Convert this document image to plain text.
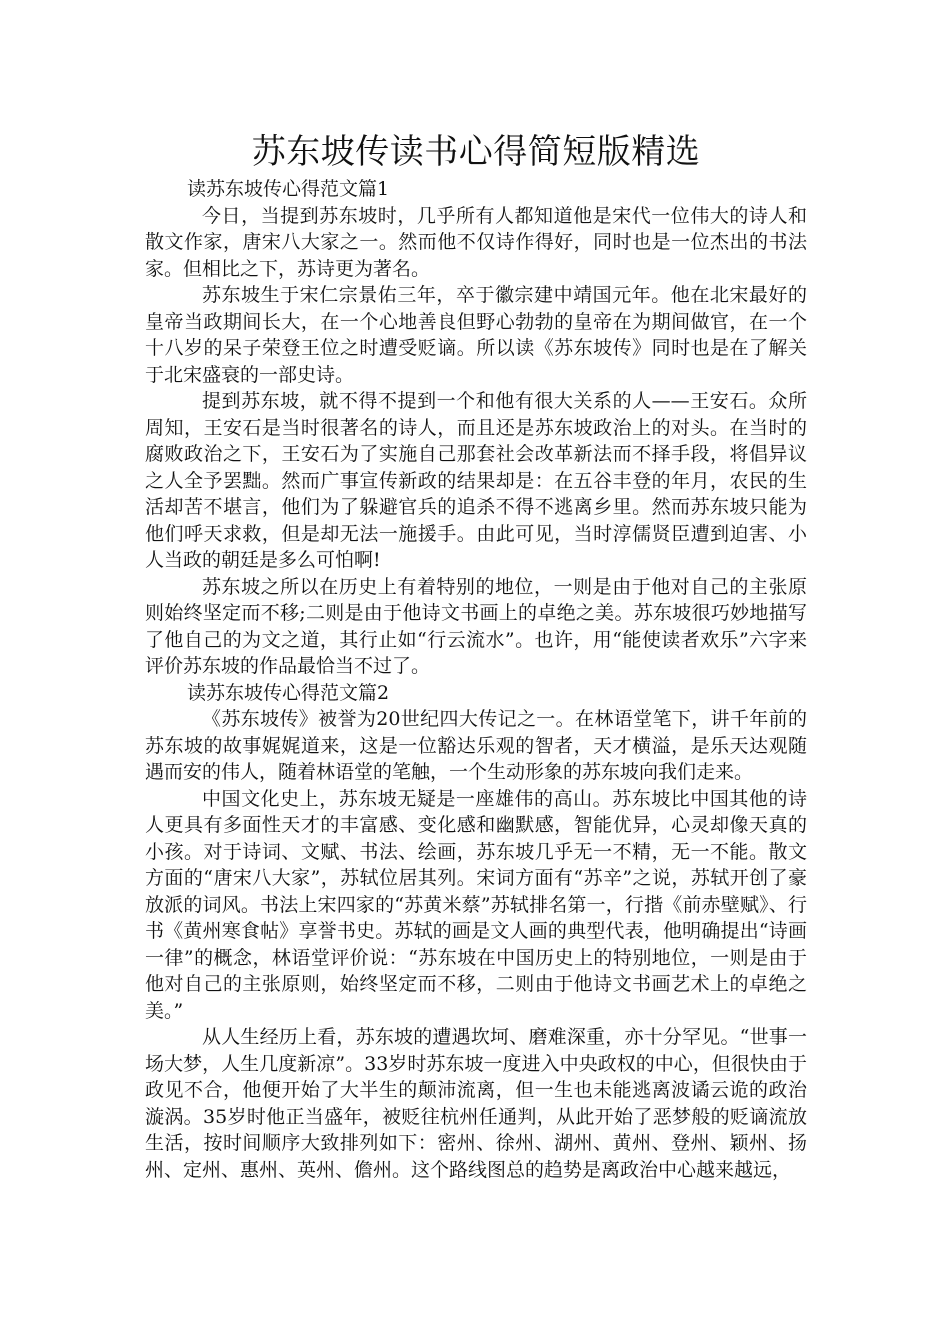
苏东坡传读书心得简短版精选

读苏东坡传心得范文篇1

今日，当提到苏东坡时，几乎所有人都知道他是宋代一位伟大的诗人和散文作家，唐宋八大家之一。然而他不仅诗作得好，同时也是一位杰出的书法家。但相比之下，苏诗更为著名。

苏东坡生于宋仁宗景佑三年，卒于徽宗建中靖国元年。他在北宋最好的皇帝当政期间长大，在一个心地善良但野心勃勃的皇帝在为期间做官，在一个十八岁的呆子荣登王位之时遭受贬谪。所以读《苏东坡传》同时也是在了解关于北宋盛衰的一部史诗。

提到苏东坡，就不得不提到一个和他有很大关系的人——王安石。众所周知，王安石是当时很著名的诗人，而且还是苏东坡政治上的对头。在当时的腐败政治之下，王安石为了实施自己那套社会改革新法而不择手段，将倡异议之人全予罢黜。然而广事宣传新政的结果却是：在五谷丰登的年月，农民的生活却苦不堪言，他们为了躲避官兵的追杀不得不逃离乡里。然而苏东坡只能为他们呼天求救，但是却无法一施援手。由此可见，当时淳儒贤臣遭到迫害、小人当政的朝廷是多么可怕啊!

苏东坡之所以在历史上有着特别的地位，一则是由于他对自己的主张原则始终坚定而不移;二则是由于他诗文书画上的卓绝之美。苏东坡很巧妙地描写了他自己的为文之道，其行止如“行云流水”。也许，用“能使读者欢乐”六字来评价苏东坡的作品最恰当不过了。

读苏东坡传心得范文篇2

《苏东坡传》被誉为20世纪四大传记之一。在林语堂笔下，讲千年前的苏东坡的故事娓娓道来，这是一位豁达乐观的智者，天才横溢，是乐天达观随遇而安的伟人，随着林语堂的笔触，一个生动形象的苏东坡向我们走来。

中国文化史上，苏东坡无疑是一座雄伟的高山。苏东坡比中国其他的诗人更具有多面性天才的丰富感、变化感和幽默感，智能优异，心灵却像天真的小孩。对于诗词、文赋、书法、绘画，苏东坡几乎无一不精，无一不能。散文方面的“唐宋八大家”，苏轼位居其列。宋词方面有“苏辛”之说，苏轼开创了豪放派的词风。书法上宋四家的“苏黄米蔡”苏轼排名第一，行揩《前赤壁赋》、行书《黄州寒食帖》享誉书史。苏轼的画是文人画的典型代表，他明确提出“诗画一律”的概念，林语堂评价说：“苏东坡在中国历史上的特别地位，一则是由于他对自己的主张原则，始终坚定而不移，二则由于他诗文书画艺术上的卓绝之美。”

从人生经历上看，苏东坡的遭遇坎坷、磨难深重，亦十分罕见。“世事一场大梦，人生几度新凉”。33岁时苏东坡一度进入中央政权的中心，但很快由于政见不合，他便开始了大半生的颠沛流离，但一生也未能逃离波谲云诡的政治漩涡。35岁时他正当盛年，被贬往杭州任通判，从此开始了恶梦般的贬谪流放生活，按时间顺序大致排列如下：密州、徐州、湖州、黄州、登州、颖州、扬州、定州、惠州、英州、儋州。这个路线图总的趋势是离政治中心越来越远，
